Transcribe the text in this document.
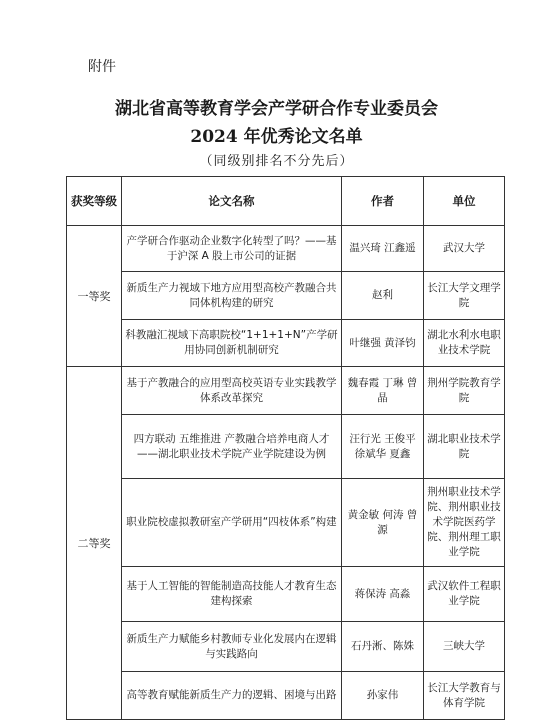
附件
湖北省高等教育学会产学研合作专业委员会
2024 年优秀论文名单
（同级别排名不分先后）
获奖等级	论文名称	作者	单位
一等奖	产学研合作驱动企业数字化转型了吗？——基于沪深 A 股上市公司的证据	温兴琦 江鑫遥	武汉大学
	新质生产力视域下地方应用型高校产教融合共同体机构建的研究	赵利	长江大学文理学院
	科教融汇视域下高职院校“1+1+1+N”产学研用协同创新机制研究	叶继强 黄泽钧	湖北水利水电职业技术学院
二等奖	基于产教融合的应用型高校英语专业实践教学体系改革探究	魏春霞 丁琳 曾晶	荆州学院教育学院
	四方联动 五维推进 产教融合培养电商人才——湖北职业技术学院产业学院建设为例	汪行光 王俊平 徐斌华 夏鑫	湖北职业技术学院
	职业院校虚拟教研室产学研用“四枝体系”构建	黄金敏 何涛 曾源	荆州职业技术学院、荆州职业技术学院医药学院、荆州理工职业学院
	基于人工智能的智能制造高技能人才教育生态建构探索	蒋保涛 高淼	武汉软件工程职业学院
	新质生产力赋能乡村教师专业化发展内在逻辑与实践路向	石丹淅、陈姝	三峡大学
	高等教育赋能新质生产力的逻辑、困境与出路	孙家伟	长江大学教育与体育学院
